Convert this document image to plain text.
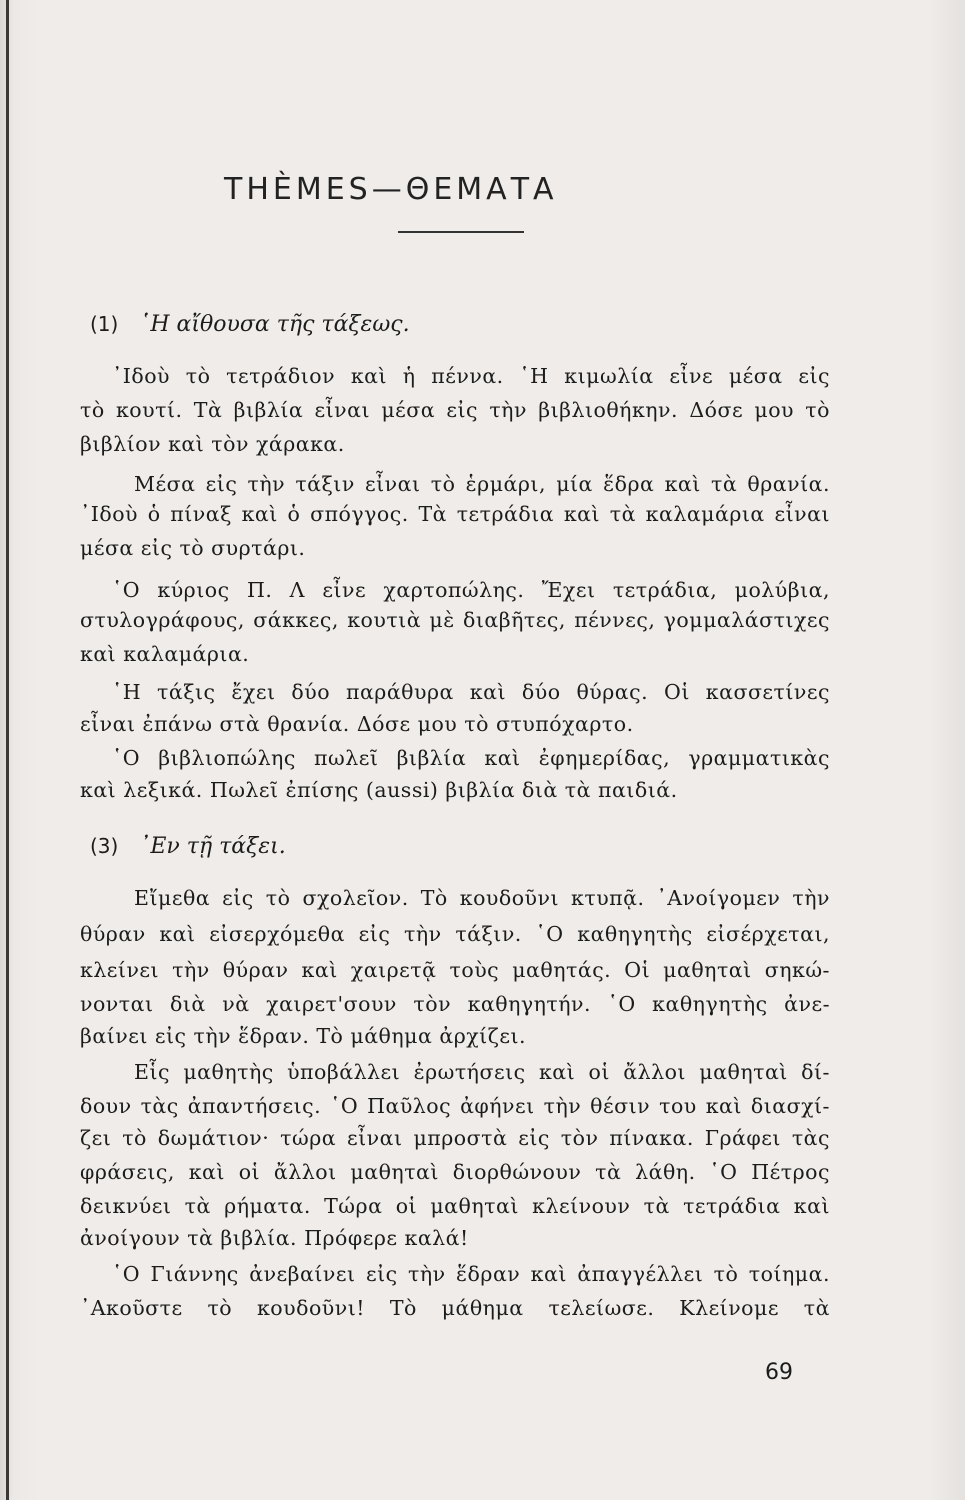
THÈMES—ΘΕΜΑΤΑ
(1) ῾Η αἴθουσα τῆς τάξεως.
᾿Ιδοὺ τὸ τετράδιον καὶ ἡ πέννα. ῾Η κιμωλία εἶνε μέσα εἰς
τὸ κουτί. Τὰ βιβλία εἶναι μέσα εἰς τὴν βιβλιοθήκην. Δόσε μου τὸ
βιβλίον καὶ τὸν χάρακα.
Μέσα εἰς τὴν τάξιν εἶναι τὸ ἑρμάρι, μία ἕδρα καὶ τὰ θρανία.
᾿Ιδοὺ ὁ πίναξ καὶ ὁ σπόγγος. Τὰ τετράδια καὶ τὰ καλαμάρια εἶναι
μέσα εἰς τὸ συρτάρι.
῾Ο κύριος Π. Λ εἶνε χαρτοπώλης. Ἔχει τετράδια, μολύβια,
στυλογράφους, σάκκες, κουτιὰ μὲ διαβῆτες, πέννες, γομμαλάστιχες
καὶ καλαμάρια.
῾Η τάξις ἔχει δύο παράθυρα καὶ δύο θύρας. Οἱ κασσετίνες
εἶναι ἐπάνω στὰ θρανία. Δόσε μου τὸ στυπόχαρτο.
῾Ο βιβλιοπώλης πωλεῖ βιβλία καὶ ἐφημερίδας, γραμματικὰς
καὶ λεξικά. Πωλεῖ ἐπίσης (aussi) βιβλία διὰ τὰ παιδιά.
(3) ᾿Εν τῇ τάξει.
Εἴμεθα εἰς τὸ σχολεῖον. Τὸ κουδοῦνι κτυπᾷ. ᾿Ανοίγομεν τὴν
θύραν καὶ εἰσερχόμεθα εἰς τὴν τάξιν. ῾Ο καθηγητὴς εἰσέρχεται,
κλείνει τὴν θύραν καὶ χαιρετᾷ τοὺς μαθητάς. Οἱ μαθηταὶ σηκώ-
νονται διὰ νὰ χαιρετ'σουν τὸν καθηγητήν. ῾Ο καθηγητὴς ἀνε-
βαίνει εἰς τὴν ἕδραν. Τὸ μάθημα ἀρχίζει.
Εἷς μαθητὴς ὑποβάλλει ἐρωτήσεις καὶ οἱ ἄλλοι μαθηταὶ δί-
δουν τὰς ἀπαντήσεις. ῾Ο Παῦλος ἀφήνει τὴν θέσιν του καὶ διασχί-
ζει τὸ δωμάτιον· τώρα εἶναι μπροστὰ εἰς τὸν πίνακα. Γράφει τὰς
φράσεις, καὶ οἱ ἄλλοι μαθηταὶ διορθώνουν τὰ λάθη. ῾Ο Πέτρος
δεικνύει τὰ ρήματα. Τώρα οἱ μαθηταὶ κλείνουν τὰ τετράδια καὶ
ἀνοίγουν τὰ βιβλία. Πρόφερε καλά!
῾Ο Γιάννης ἀνεβαίνει εἰς τὴν ἕδραν καὶ ἀπαγγέλλει τὸ τοίημα.
᾿Ακοῦστε τὸ κουδοῦνι! Τὸ μάθημα τελείωσε. Κλείνομε τὰ
69
